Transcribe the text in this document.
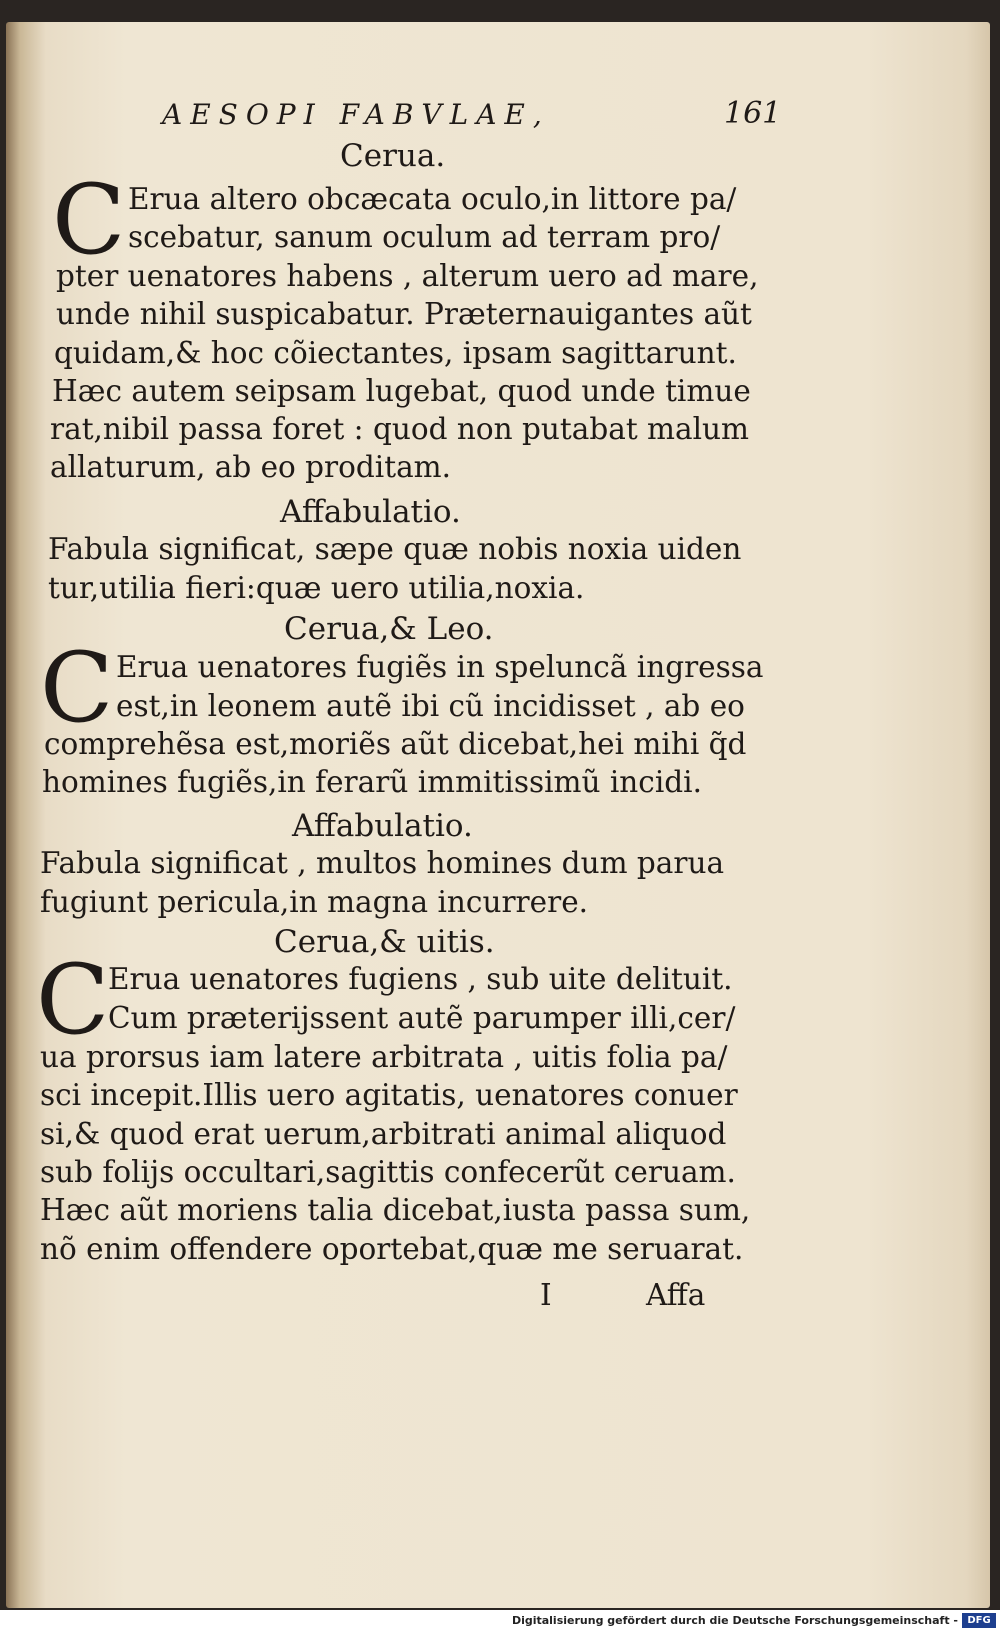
AESOPI FABVLAE,	161
Cerua.
C Erua altero obcæcata oculo,in littore pa/
scebatur, sanum oculum ad terram pro/
pter uenatores habens , alterum uero ad mare,
unde nihil suspicabatur. Præternauigantes aũt
quidam,& hoc cõiectantes, ipsam sagittarunt.
Hæc autem seipsam lugebat, quod unde timue
rat,nibil passa foret : quod non putabat malum
allaturum, ab eo proditam.
Affabulatio.
Fabula significat, sæpe quæ nobis noxia uiden
tur,utilia fieri:quæ uero utilia,noxia.
Cerua,& Leo.
C Erua uenatores fugiẽs in speluncã ingressa
est,in leonem autẽ ibi cũ incidisset , ab eo
comprehẽsa est,moriẽs aũt dicebat,hei mihi q̃d
homines fugiẽs,in ferarũ immitissimũ incidi.
Affabulatio.
Fabula significat , multos homines dum parua
fugiunt pericula,in magna incurrere.
Cerua,& uitis.
C
Erua uenatores fugiens , sub uite delituit.
Cum præterijssent autẽ parumper illi,cer/
ua prorsus iam latere arbitrata , uitis folia pa/
sci incepit.Illis uero agitatis, uenatores conuer
si,& quod erat uerum,arbitrati animal aliquod
sub folijs occultari,sagittis confecerũt ceruam.
Hæc aũt moriens talia dicebat,iusta passa sum,
nõ enim offendere oportebat,quæ me seruarat.
I	Affa
Digitalisierung gefördert durch die Deutsche Forschungsgemeinschaft - DFG
